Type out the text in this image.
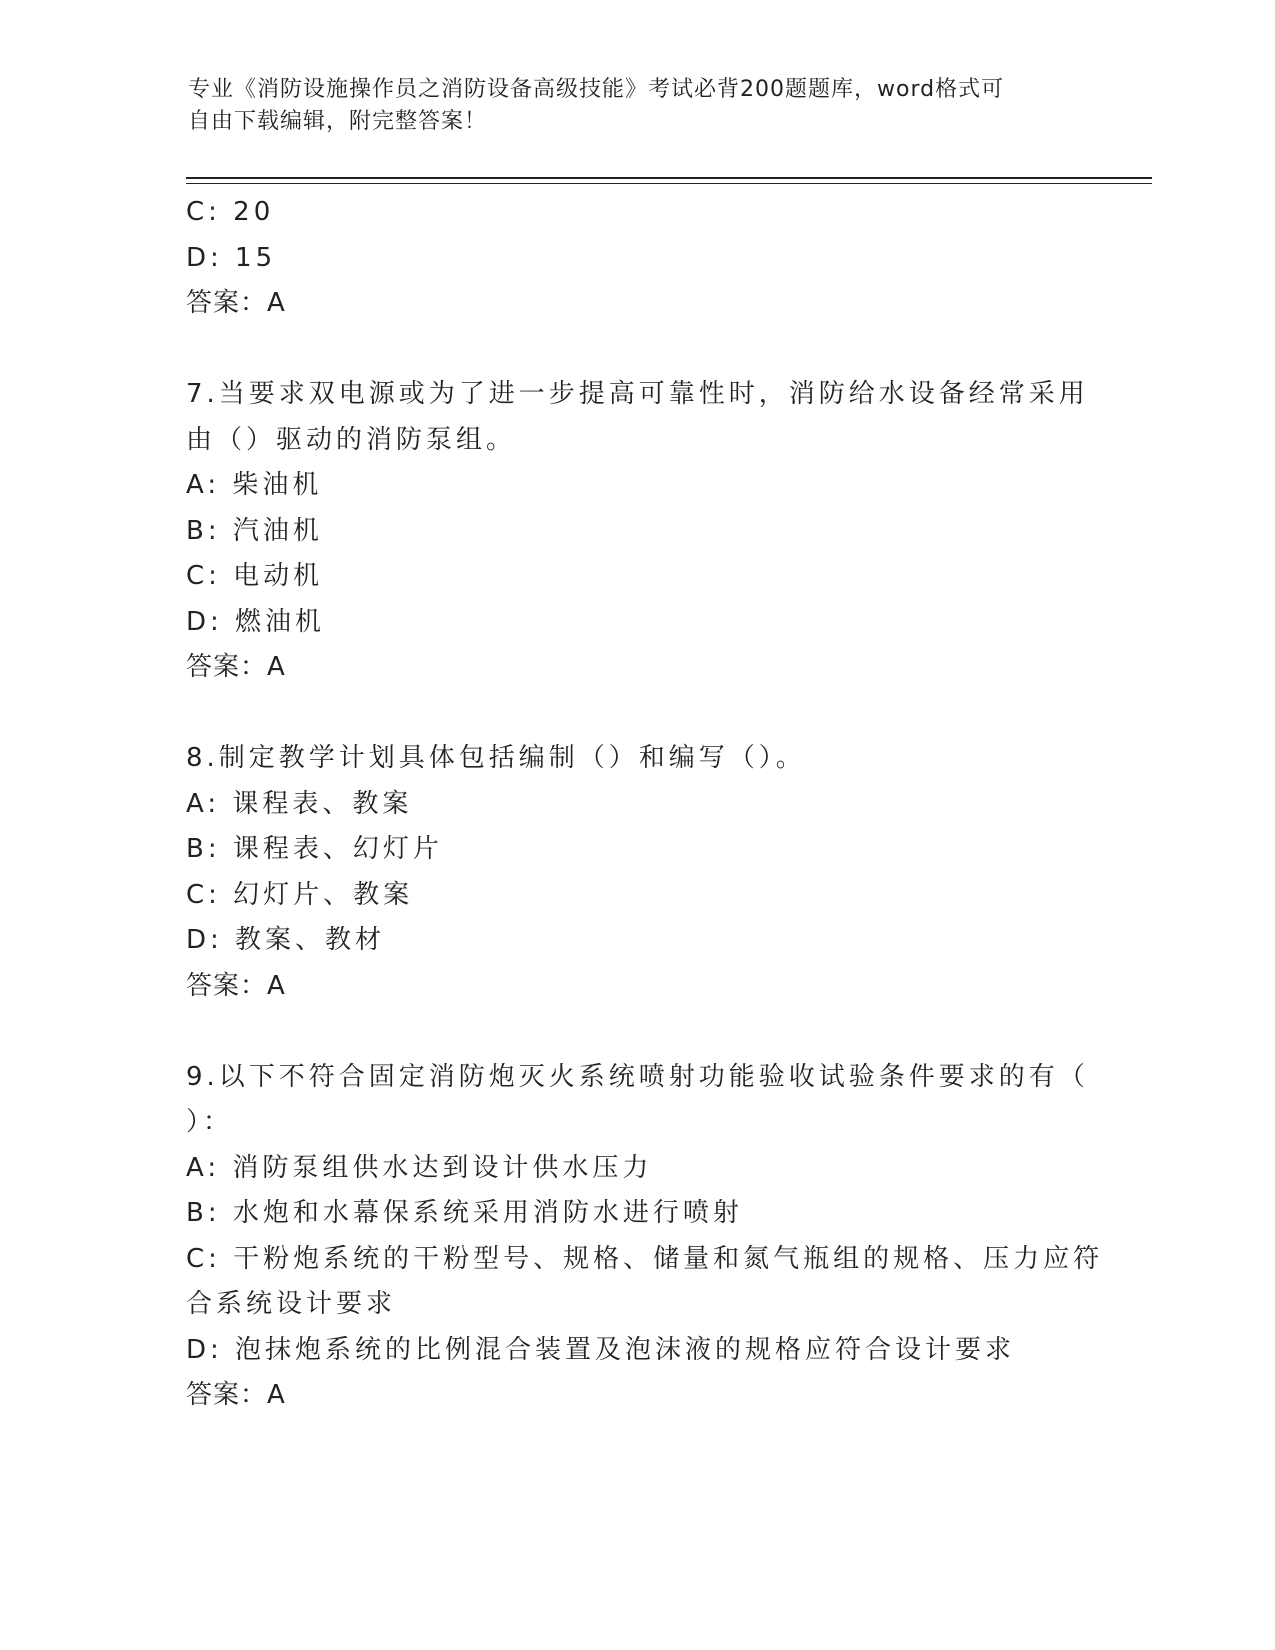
专业《消防设施操作员之消防设备高级技能》考试必背200题题库，word格式可
自由下载编辑，附完整答案！
C: 20
D: 15
答案：A
7.当要求双电源或为了进一步提高可靠性时，消防给水设备经常采用
由（）驱动的消防泵组。
A: 柴油机
B: 汽油机
C: 电动机
D: 燃油机
答案：A
8.制定教学计划具体包括编制（）和编写（）。
A: 课程表、教案
B: 课程表、幻灯片
C: 幻灯片、教案
D: 教案、教材
答案：A
9.以下不符合固定消防炮灭火系统喷射功能验收试验条件要求的有（
）：
A: 消防泵组供水达到设计供水压力
B: 水炮和水幕保系统采用消防水进行喷射
C: 干粉炮系统的干粉型号、规格、储量和氮气瓶组的规格、压力应符
合系统设计要求
D: 泡抹炮系统的比例混合装置及泡沫液的规格应符合设计要求
答案：A
